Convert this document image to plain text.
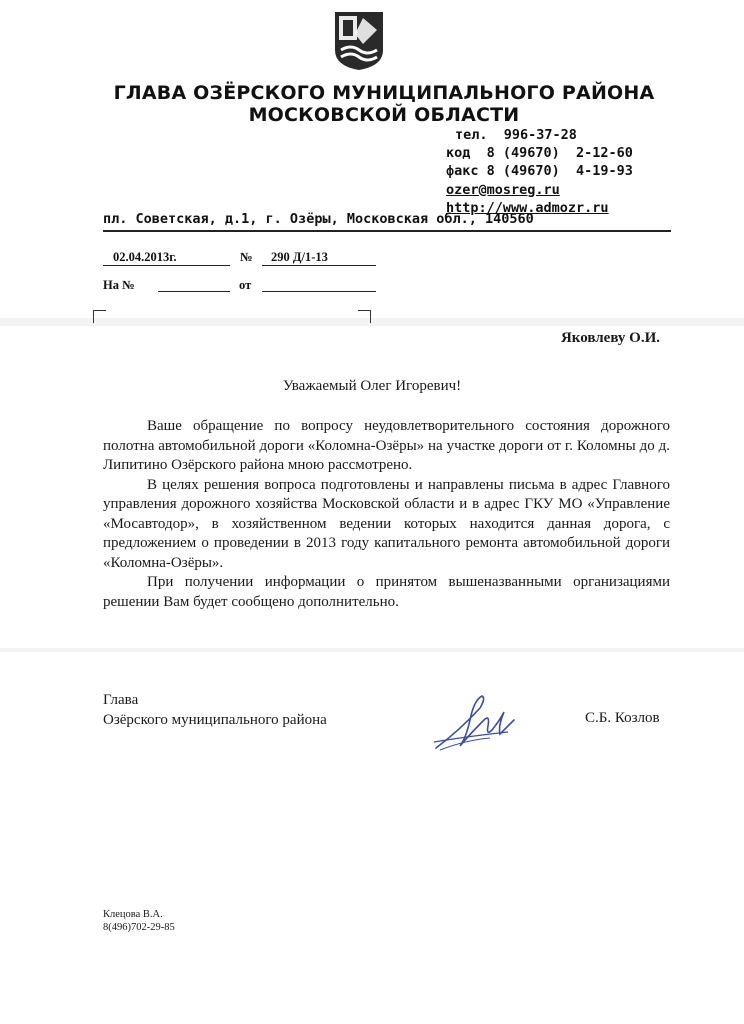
ГЛАВА ОЗЁРСКОГО МУНИЦИПАЛЬНОГО РАЙОНА
МОСКОВСКОЙ ОБЛАСТИ
тел.  996-37-28
код  8 (49670)  2-12-60
факс 8 (49670)  4-19-93
ozer@mosreg.ru
http://www.admozr.ru
пл. Советская, д.1, г. Озёры, Московская обл., 140560
02.04.2013г.	№ 290 Д/1-13
На №	от
Яковлеву О.И.
Уважаемый Олег Игоревич!

Ваше обращение по вопросу неудовлетворительного состояния дорожного полотна автомобильной дороги «Коломна-Озёры» на участке дороги от г. Коломны до д. Липитино Озёрского района мною рассмотрено.

В целях решения вопроса подготовлены и направлены письма в адрес Главного управления дорожного хозяйства Московской области и в адрес ГКУ МО «Управление «Мосавтодор», в хозяйственном ведении которых находится данная дорога, с предложением о проведении в 2013 году капитального ремонта автомобильной дороги «Коломна-Озёры».

При получении информации о принятом вышеназванными организациями решении Вам будет сообщено дополнительно.

Глава
Озёрского муниципального района	С.Б. Козлов
Клецова В.А.
8(496)702-29-85
